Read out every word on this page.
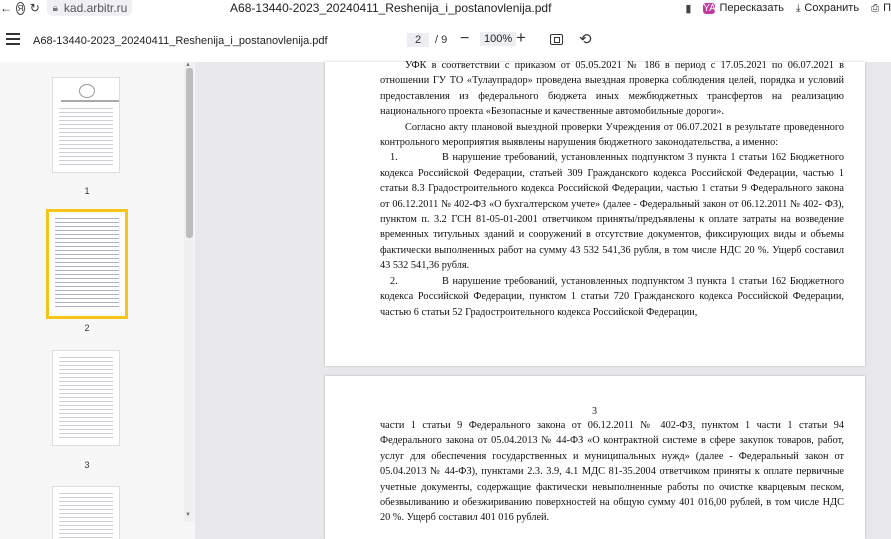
← Я ↻ 🔒︎ kad.arbitr.ru	А68-13440-2023_20240411_Reshenija_i_postanovlenija.pdf	▮ YA Пересказать ⤓ Сохранить ⎙ П
A68-13440-2023_20240411_Reshenija_i_postanovlenija.pdf	2	/ 9 −	100% +	⟲
1
2
3
▲
▼

УФК в соответствии с приказом от 05.05.2021 № 186 в период с 17.05.2021 по 06.07.2021 в отношении ГУ ТО «Тулаупрадор» проведена выездная проверка соблюдения целей, порядка и условий предоставления из федерального бюджета иных межбюджетных трансфертов на реализацию национального проекта «Безопасные и качественные автомобильные дороги».

Согласно акту плановой выездной проверки Учреждения от 06.07.2021 в результате проведенного контрольного мероприятия выявлены нарушения бюджетного законодательства, а именно:

1.	В нарушение требований, установленных подпунктом 3 пункта 1 статьи 162 Бюджетного кодекса Российской Федерации, статьей 309 Гражданского кодекса Российской Федерации, частью 1 статьи 8.3 Градостроительного кодекса Российской Федерации, частью 1 статьи 9 Федерального закона от 06.12.2011 № 402-ФЗ «О бухгалтерском учете» (далее - Федеральный закон от 06.12.2011 № 402- ФЗ), пунктом п. 3.2 ГСН 81-05-01-2001 ответчиком приняты/предъявлены к оплате затраты на возведение временных титульных зданий и сооружений в отсутствие документов, фиксирующих виды и объемы фактически выполненных работ на сумму 43 532 541,36 рубля, в том числе НДС 20 %. Ущерб составил 43 532 541,36 рубля.

2.	В нарушение требований, установленных подпунктом 3 пункта 1 статьи 162 Бюджетного кодекса Российской Федерации, пунктом 1 статьи 720 Гражданского кодекса Российской Федерации, частью 6 статьи 52 Градостроительного кодекса Российской Федерации,

3

части 1 статьи 9 Федерального закона от 06.12.2011 № 402-ФЗ, пунктом 1 части 1 статьи 94 Федерального закона от 05.04.2013 № 44-ФЗ «О контрактной системе в сфере закупок товаров, работ, услуг для обеспечения государственных и муниципальных нужд» (далее - Федеральный закон от 05.04.2013 № 44-ФЗ), пунктами 2.3. 3.9, 4.1 МДС 81-35.2004 ответчиком приняты к оплате первичные учетные документы, содержащие фактически невыполненные работы по очистке кварцевым песком, обезвыливанию и обезжириванию поверхностей на общую сумму 401 016,00 рублей, в том числе НДС 20 %. Ущерб составил 401 016 рублей.
